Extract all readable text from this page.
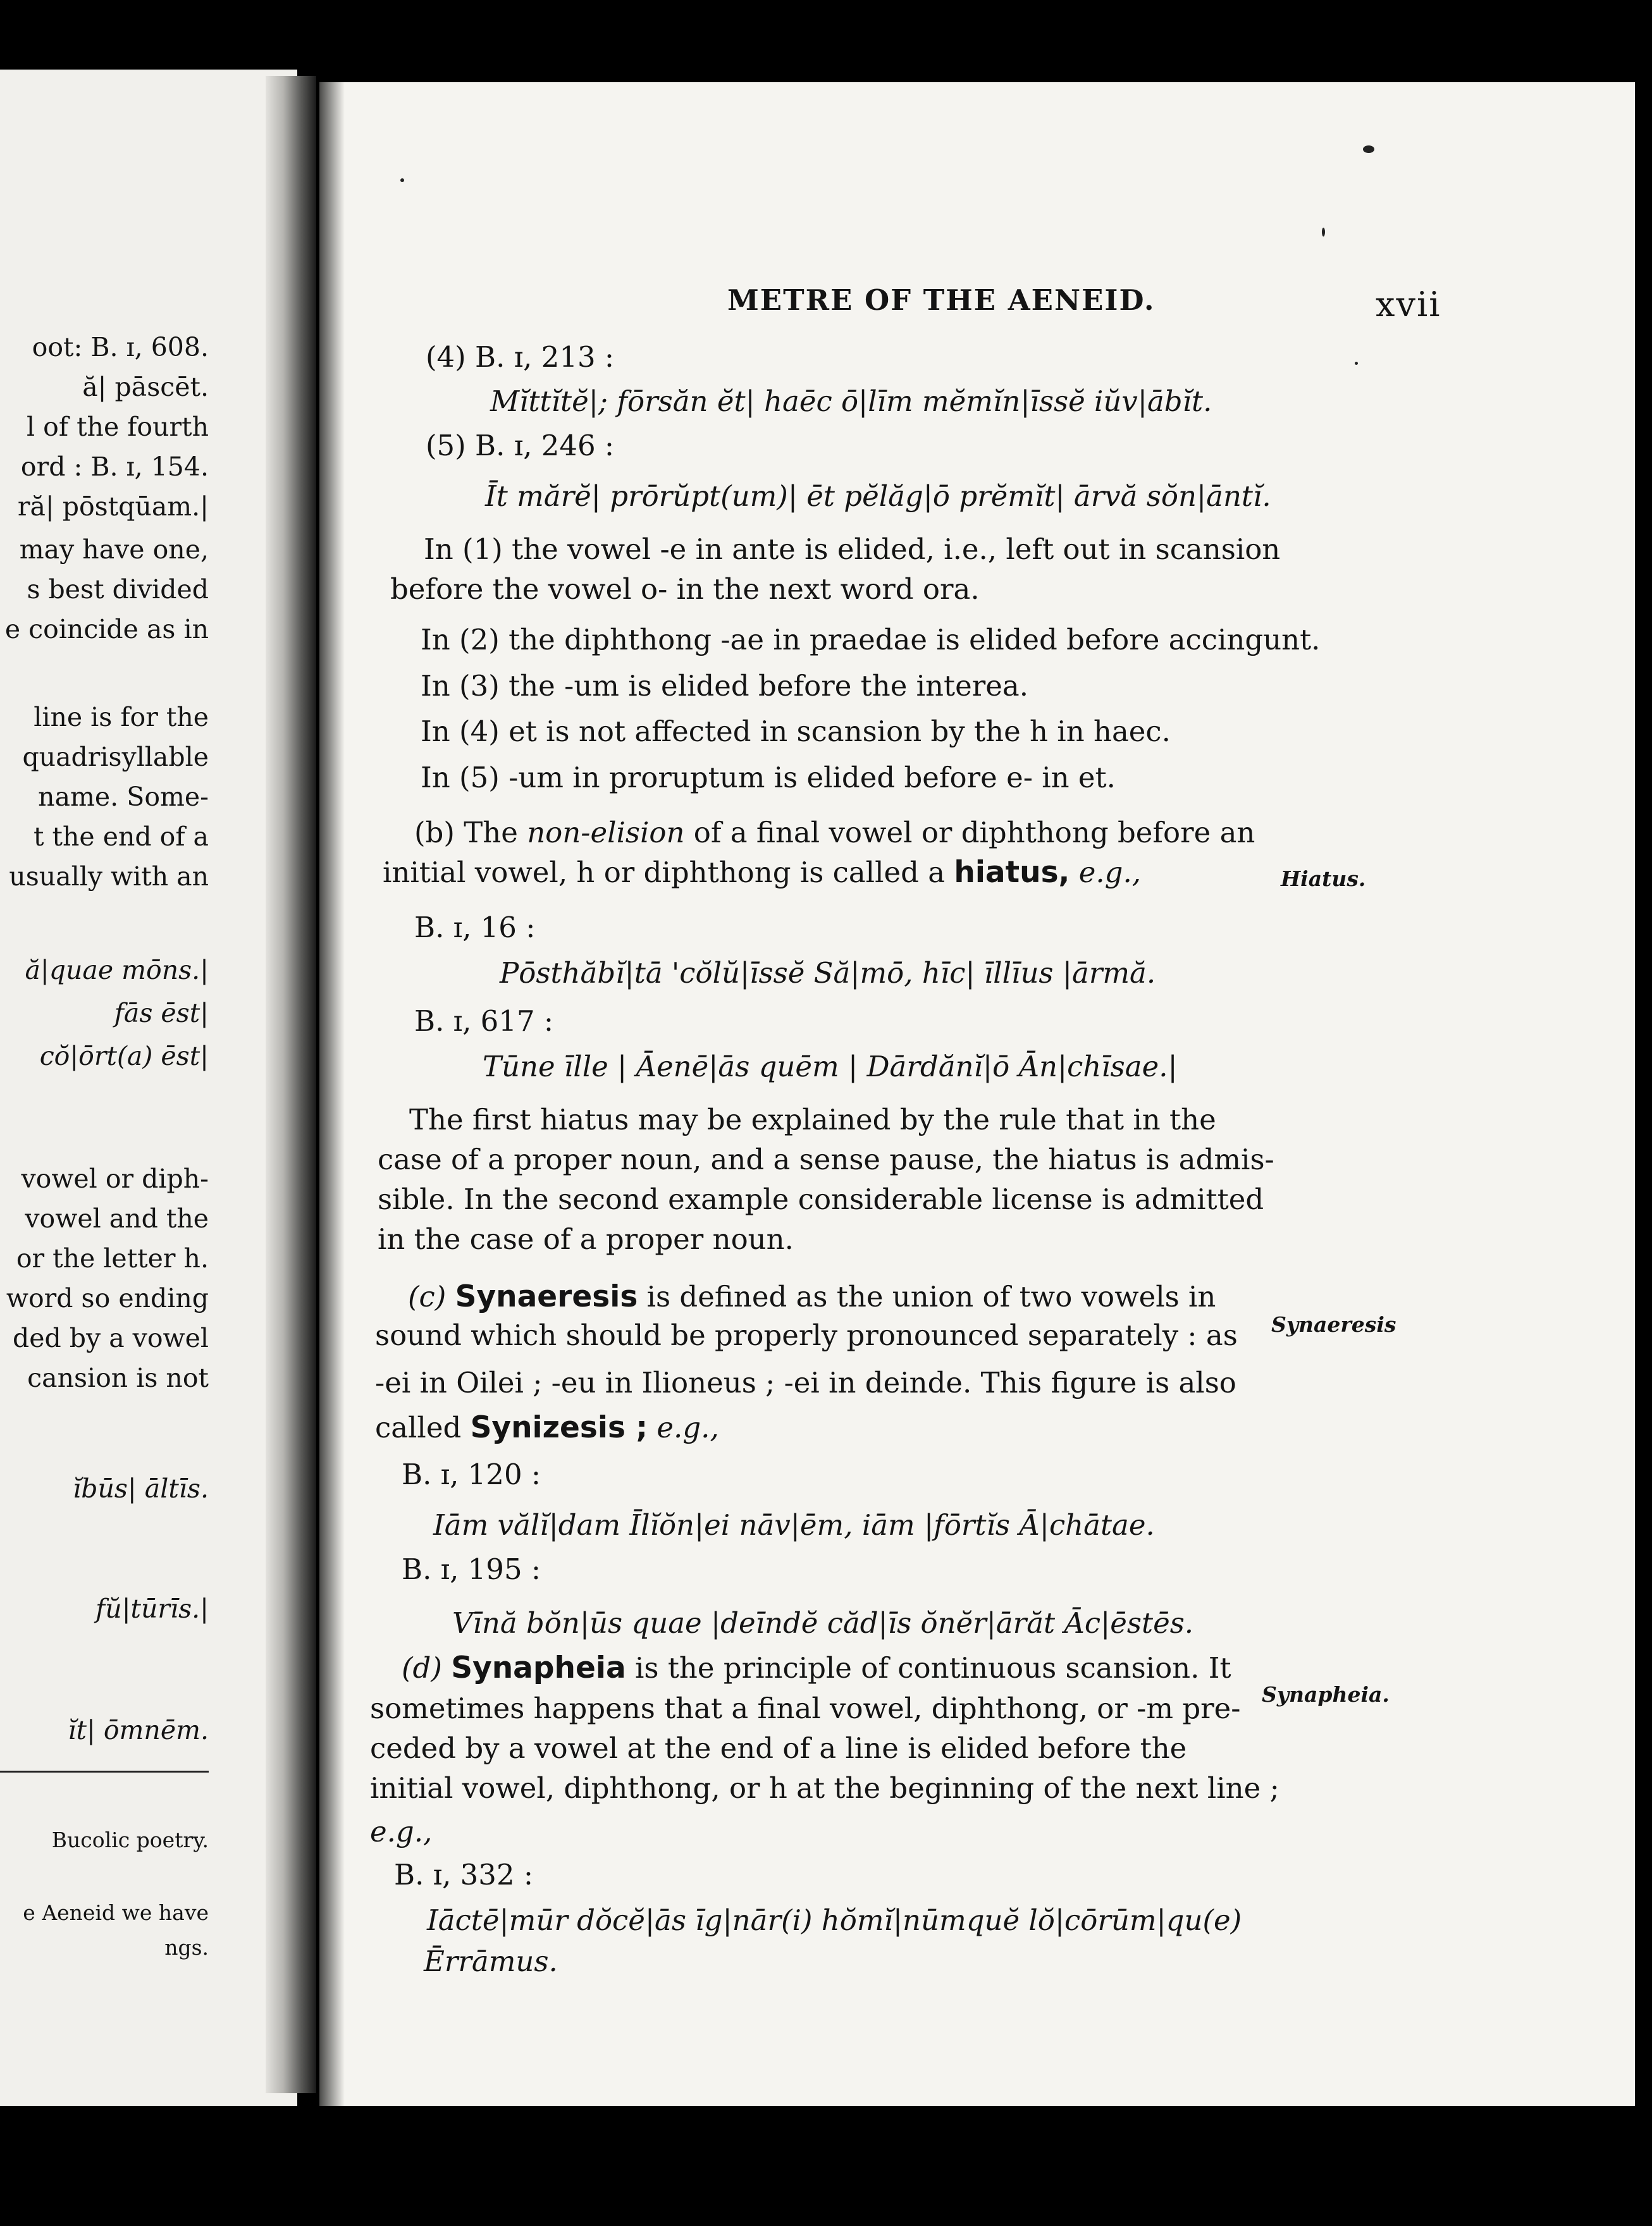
oot: B. ɪ, 608.
ă| pāscēt.
l of the fourth
ord : B. ɪ, 154.
ră| pōstqūam.|
may have one,
s best divided
e coincide as in
line is for the
quadrisyllable
name. Some-
t the end of a
usually with an
ă|quae mōns.|
fās ēst|
cŏ|ōrt(a) ēst|
vowel or diph-
vowel and the
or the letter h.
word so ending
ded by a vowel
cansion is not
ĭbūs| āltīs.
fŭ|tūrīs.|
ĭt| ōmnēm.
Bucolic poetry.
e Aeneid we have
ngs.
METRE OF THE AENEID.	xvii
(4) B. ɪ, 213 :
Mĭttĭtĕ|; fōrsăn ĕt| haēc ō|līm mĕmĭn|īssĕ iŭv|ābĭt.
(5) B. ɪ, 246 :
Īt mărĕ| prōrŭpt(um)| ēt pĕlăg|ō prĕmĭt| ārvă sŏn|āntĭ.
In (1) the vowel -e in ante is elided, i.e., left out in scansion
before the vowel o- in the next word ora.
In (2) the diphthong -ae in praedae is elided before accingunt.
In (3) the -um is elided before the interea.
In (4) et is not affected in scansion by the h in haec.
In (5) -um in proruptum is elided before e- in et.
(b) The non-elision of a final vowel or diphthong before an
initial vowel, h or diphthong is called a hiatus, e.g.,	Hiatus.
B. ɪ, 16 :
Pōsthăbĭ|tā 'cŏlŭ|īssĕ Să|mō, hīc| īllīus |ārmă.
B. ɪ, 617 :
Tūne īlle | Āenē|ās quēm | Dārdănĭ|ō Ān|chīsae.|
The first hiatus may be explained by the rule that in the
case of a proper noun, and a sense pause, the hiatus is admis-
sible. In the second example considerable license is admitted
in the case of a proper noun.
(c) Synaeresis is defined as the union of two vowels in
Synaeresis
sound which should be properly pronounced separately : as
-ei in Oilei ; -eu in Ilioneus ; -ei in deinde. This figure is also
called Synizesis ; e.g.,
B. ɪ, 120 :
Iām vălĭ|dam Īlĭŏn|ei nāv|ēm, iām |fōrtĭs Ā|chātae.
B. ɪ, 195 :
Vīnă bŏn|ūs quae |deīndĕ căd|īs ŏnĕr|ārăt Āc|ēstēs.
(d) Synapheia is the principle of continuous scansion. It
Synapheia.
sometimes happens that a final vowel, diphthong, or -m pre-
ceded by a vowel at the end of a line is elided before the
initial vowel, diphthong, or h at the beginning of the next line ;
e.g.,
B. ɪ, 332 :
Iāctē|mūr dŏcĕ|ās īg|nār(i) hŏmĭ|nūmquĕ lŏ|cōrūm|qu(e)
Ērrāmus.
